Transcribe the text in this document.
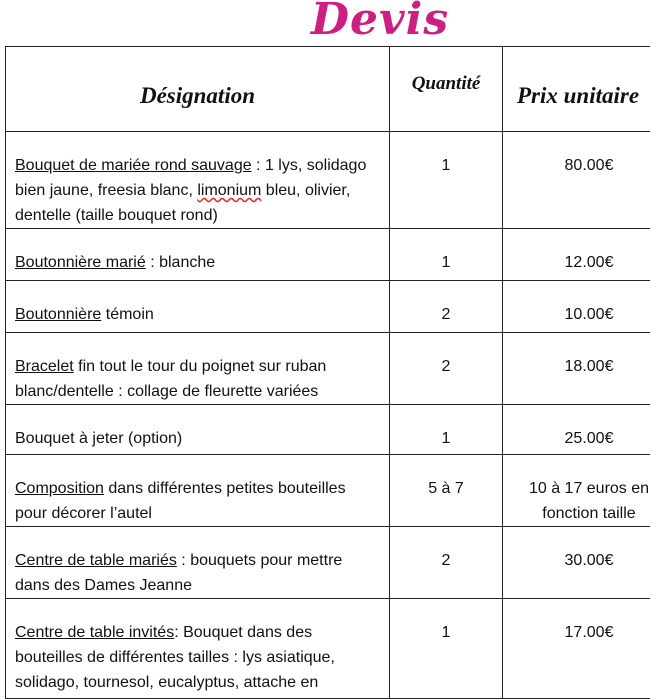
Devis
Désignation	Quantité	Prix unitaire
Bouquet de mariée rond sauvage : 1 lys, solidago bien jaune, freesia blanc, limonium bleu, olivier, dentelle (taille bouquet rond)	1	80.00€
Boutonnière marié : blanche	1	12.00€
Boutonnière témoin	2	10.00€
Bracelet fin tout le tour du poignet sur ruban blanc/dentelle : collage de fleurette variées	2	18.00€
Bouquet à jeter (option)	1	25.00€
Composition dans différentes petites bouteilles pour décorer l’autel	5 à 7	10 à 17 euros en fonction taille
Centre de table mariés : bouquets pour mettre dans des Dames Jeanne	2	30.00€
Centre de table invités: Bouquet dans des bouteilles de différentes tailles : lys asiatique, solidago, tournesol, eucalyptus, attache en	1	17.00€
